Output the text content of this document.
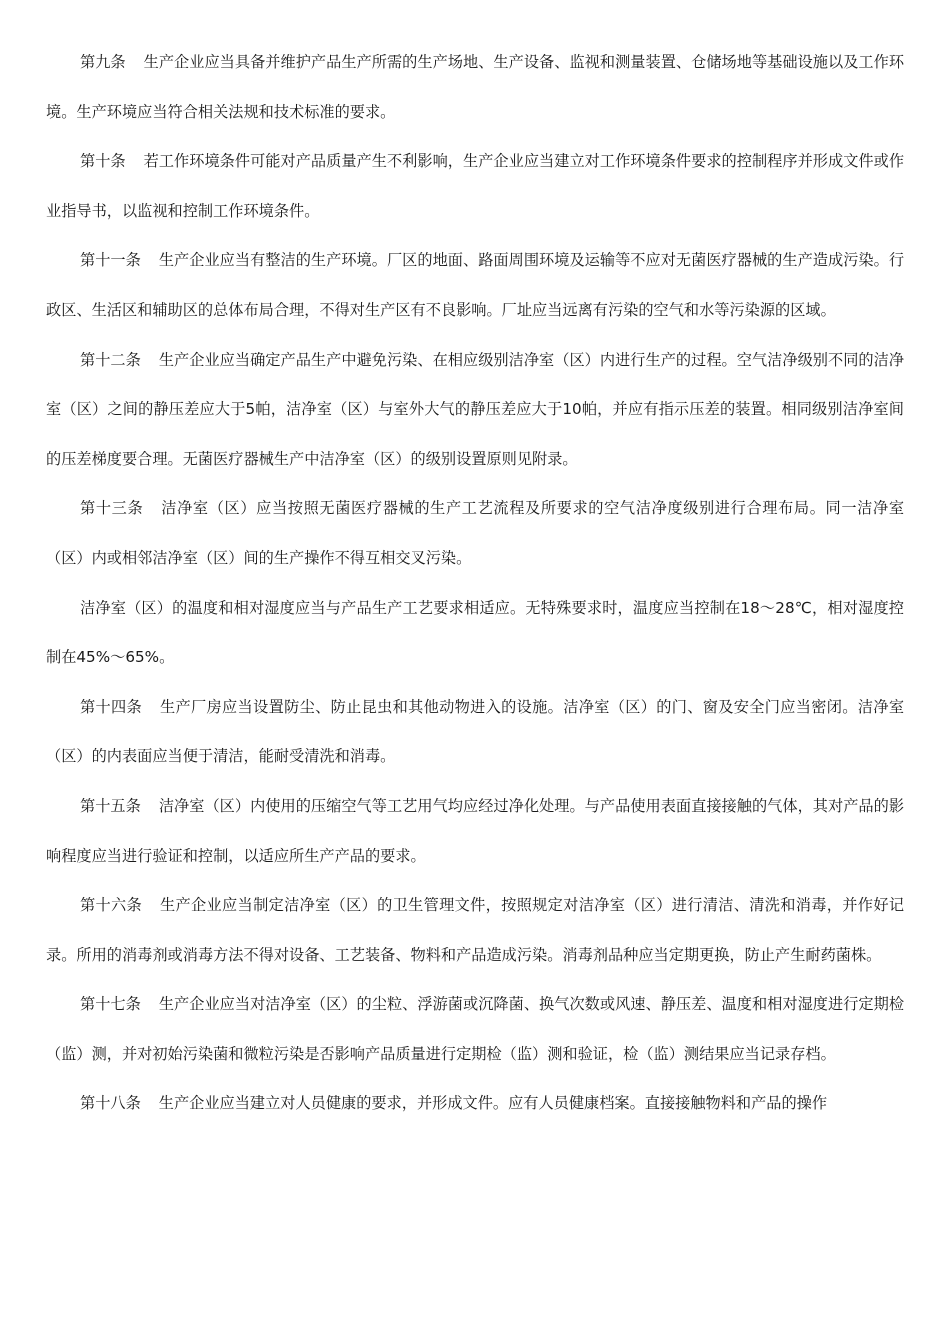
第九条 生产企业应当具备并维护产品生产所需的生产场地、生产设备、监视和测量装置、仓储场地等基础设施以及工作环境。生产环境应当符合相关法规和技术标准的要求。

第十条 若工作环境条件可能对产品质量产生不利影响，生产企业应当建立对工作环境条件要求的控制程序并形成文件或作业指导书，以监视和控制工作环境条件。

第十一条 生产企业应当有整洁的生产环境。厂区的地面、路面周围环境及运输等不应对无菌医疗器械的生产造成污染。行政区、生活区和辅助区的总体布局合理，不得对生产区有不良影响。厂址应当远离有污染的空气和水等污染源的区域。

第十二条 生产企业应当确定产品生产中避免污染、在相应级别洁净室（区）内进行生产的过程。空气洁净级别不同的洁净室（区）之间的静压差应大于5帕，洁净室（区）与室外大气的静压差应大于10帕，并应有指示压差的装置。相同级别洁净室间的压差梯度要合理。无菌医疗器械生产中洁净室（区）的级别设置原则见附录。

第十三条 洁净室（区）应当按照无菌医疗器械的生产工艺流程及所要求的空气洁净度级别进行合理布局。同一洁净室（区）内或相邻洁净室（区）间的生产操作不得互相交叉污染。

洁净室（区）的温度和相对湿度应当与产品生产工艺要求相适应。无特殊要求时，温度应当控制在18～28℃，相对湿度控制在45%～65%。

第十四条 生产厂房应当设置防尘、防止昆虫和其他动物进入的设施。洁净室（区）的门、窗及安全门应当密闭。洁净室（区）的内表面应当便于清洁，能耐受清洗和消毒。

第十五条 洁净室（区）内使用的压缩空气等工艺用气均应经过净化处理。与产品使用表面直接接触的气体，其对产品的影响程度应当进行验证和控制，以适应所生产产品的要求。

第十六条 生产企业应当制定洁净室（区）的卫生管理文件，按照规定对洁净室（区）进行清洁、清洗和消毒，并作好记录。所用的消毒剂或消毒方法不得对设备、工艺装备、物料和产品造成污染。消毒剂品种应当定期更换，防止产生耐药菌株。

第十七条 生产企业应当对洁净室（区）的尘粒、浮游菌或沉降菌、换气次数或风速、静压差、温度和相对湿度进行定期检（监）测，并对初始污染菌和微粒污染是否影响产品质量进行定期检（监）测和验证，检（监）测结果应当记录存档。

第十八条 生产企业应当建立对人员健康的要求，并形成文件。应有人员健康档案。直接接触物料和产品的操作
